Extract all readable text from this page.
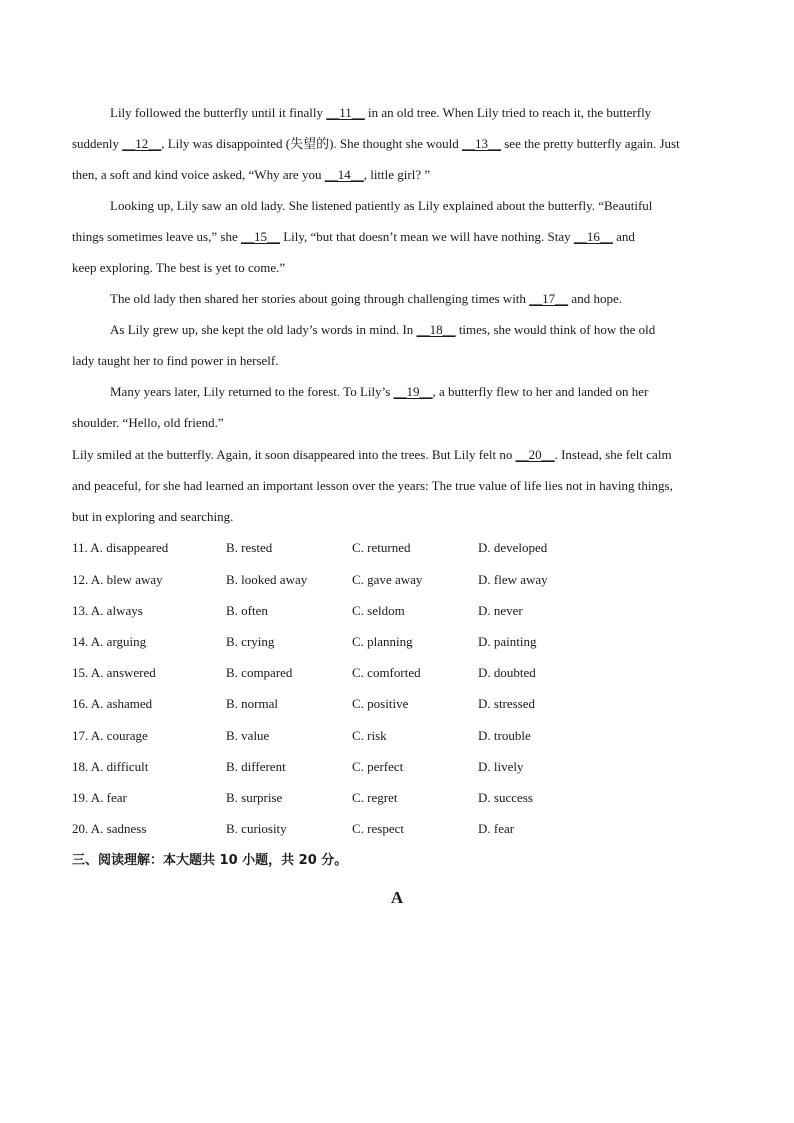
Lily followed the butterfly until it finally __11__ in an old tree. When Lily tried to reach it, the butterfly
suddenly __12__, Lily was disappointed (失望的). She thought she would __13__ see the pretty butterfly again. Just
then, a soft and kind voice asked, “Why are you __14__, little girl? ”
Looking up, Lily saw an old lady. She listened patiently as Lily explained about the butterfly. “Beautiful
things sometimes leave us,” she __15__ Lily, “but that doesn’t mean we will have nothing. Stay __16__ and
keep exploring. The best is yet to come.”
The old lady then shared her stories about going through challenging times with __17__ and hope.
As Lily grew up, she kept the old lady’s words in mind. In __18__ times, she would think of how the old
lady taught her to find power in herself.
Many years later, Lily returned to the forest. To Lily’s __19__, a butterfly flew to her and landed on her
shoulder. “Hello, old friend.”
Lily smiled at the butterfly. Again, it soon disappeared into the trees. But Lily felt no __20__. Instead, she felt calm
and peaceful, for she had learned an important lesson over the years: The true value of life lies not in having things,
but in exploring and searching.
11. A. disappeared	B. rested	C. returned	D. developed
12. A. blew away	B. looked away	C. gave away	D. flew away
13. A. always	B. often	C. seldom	D. never
14. A. arguing	B. crying	C. planning	D. painting
15. A. answered	B. compared	C. comforted	D. doubted
16. A. ashamed	B. normal	C. positive	D. stressed
17. A. courage	B. value	C. risk	D. trouble
18. A. difficult	B. different	C. perfect	D. lively
19. A. fear	B. surprise	C. regret	D. success
20. A. sadness	B. curiosity	C. respect	D. fear
三、阅读理解：本大题共 10 小题，共 20 分。
A
